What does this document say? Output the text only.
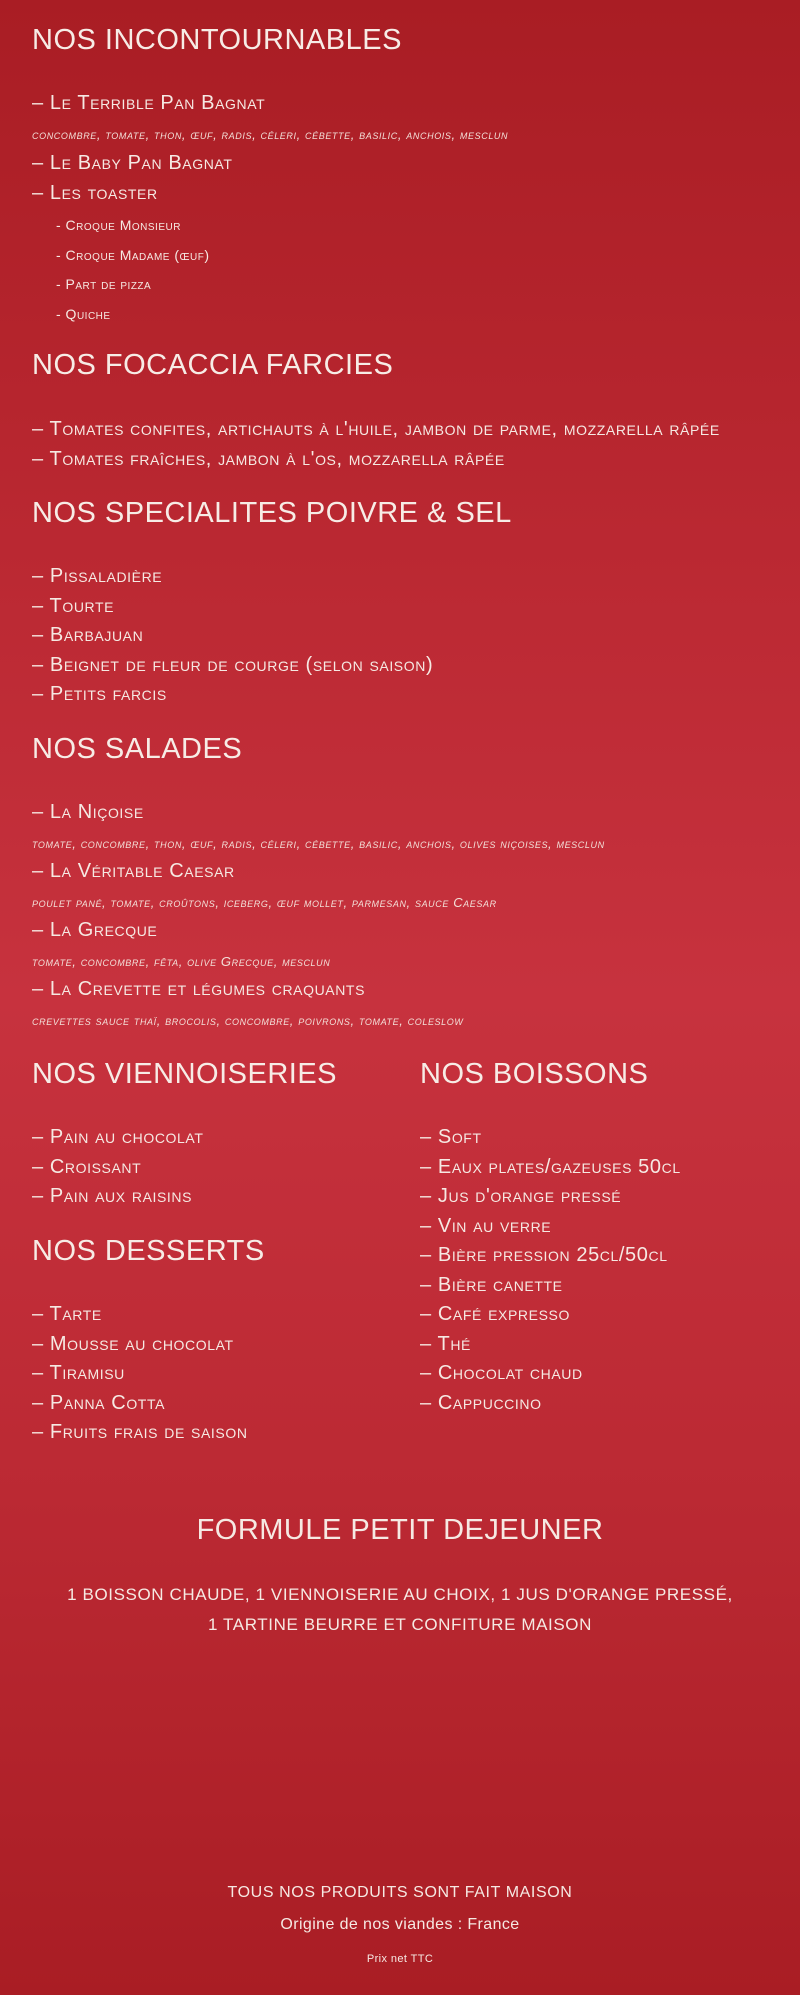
NOS INCONTOURNABLES
– Le Terrible Pan Bagnat
concombre, tomate, thon, œuf, radis, céleri, cébette, basilic, anchois, mesclun
– Le Baby Pan Bagnat
– Les toaster
- Croque Monsieur
- Croque Madame (œuf)
- Part de pizza
- Quiche
NOS FOCACCIA FARCIES
– Tomates confites, artichauts à l'huile, jambon de parme, mozzarella râpée
– Tomates fraîches, jambon à l'os, mozzarella râpée
NOS SPECIALITES POIVRE & SEL
– Pissaladière
– Tourte
– Barbajuan
– Beignet de fleur de courge (selon saison)
– Petits farcis
NOS SALADES
– La Niçoise
tomate, concombre, thon, œuf, radis, céleri, cébette, basilic, anchois, olives niçoises, mesclun
– La Véritable Caesar
poulet pané, tomate, croûtons, iceberg, œuf mollet, parmesan, sauce Caesar
– La Grecque
tomate, concombre, fêta, olive Grecque, mesclun
– La Crevette et légumes craquants
crevettes sauce thaï, brocolis, concombre, poivrons, tomate, coleslow
NOS VIENNOISERIES
– Pain au chocolat
– Croissant
– Pain aux raisins
NOS DESSERTS
– Tarte
– Mousse au chocolat
– Tiramisu
– Panna Cotta
– Fruits frais de saison
NOS BOISSONS
– Soft
– Eaux plates/gazeuses 50cl
– Jus d'orange pressé
– Vin au verre
– Bière pression 25cl/50cl
– Bière canette
– Café expresso
– Thé
– Chocolat chaud
– Cappuccino
FORMULE PETIT DEJEUNER
1 BOISSON CHAUDE, 1 VIENNOISERIE AU CHOIX, 1 JUS D'ORANGE PRESSÉ,
1 TARTINE BEURRE ET CONFITURE MAISON
TOUS NOS PRODUITS SONT FAIT MAISON
Origine de nos viandes : France
Prix net TTC
